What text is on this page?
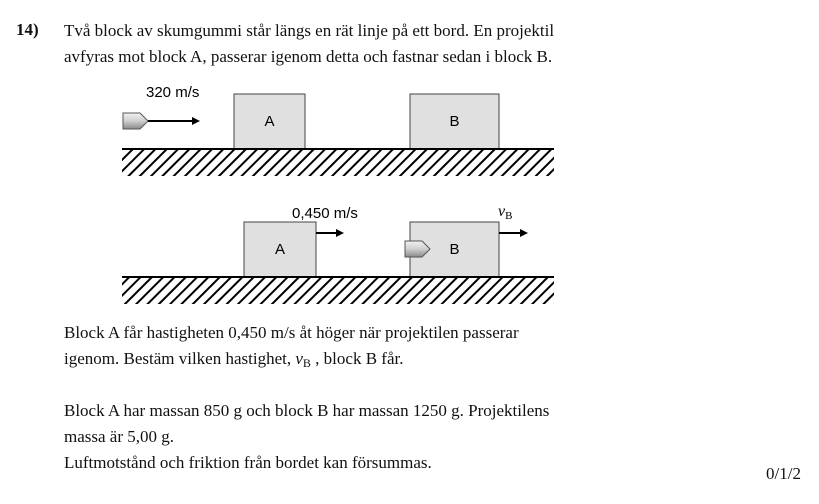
14) Två block av skumgummi står längs en rät linje på ett bord. En projektil
avfyras mot block A, passerar igenom detta och fastnar sedan i block B.
320 m/s
A	B
A
0,450 m/s
B
vB
Block A får hastigheten 0,450 m/s åt höger när projektilen passerar
igenom. Bestäm vilken hastighet, $v_B$ , block B får.
Block A har massan 850 g och block B har massan 1250 g. Projektilens
massa är 5,00 g.
Luftmotstånd och friktion från bordet kan försummas.
0/1/2
